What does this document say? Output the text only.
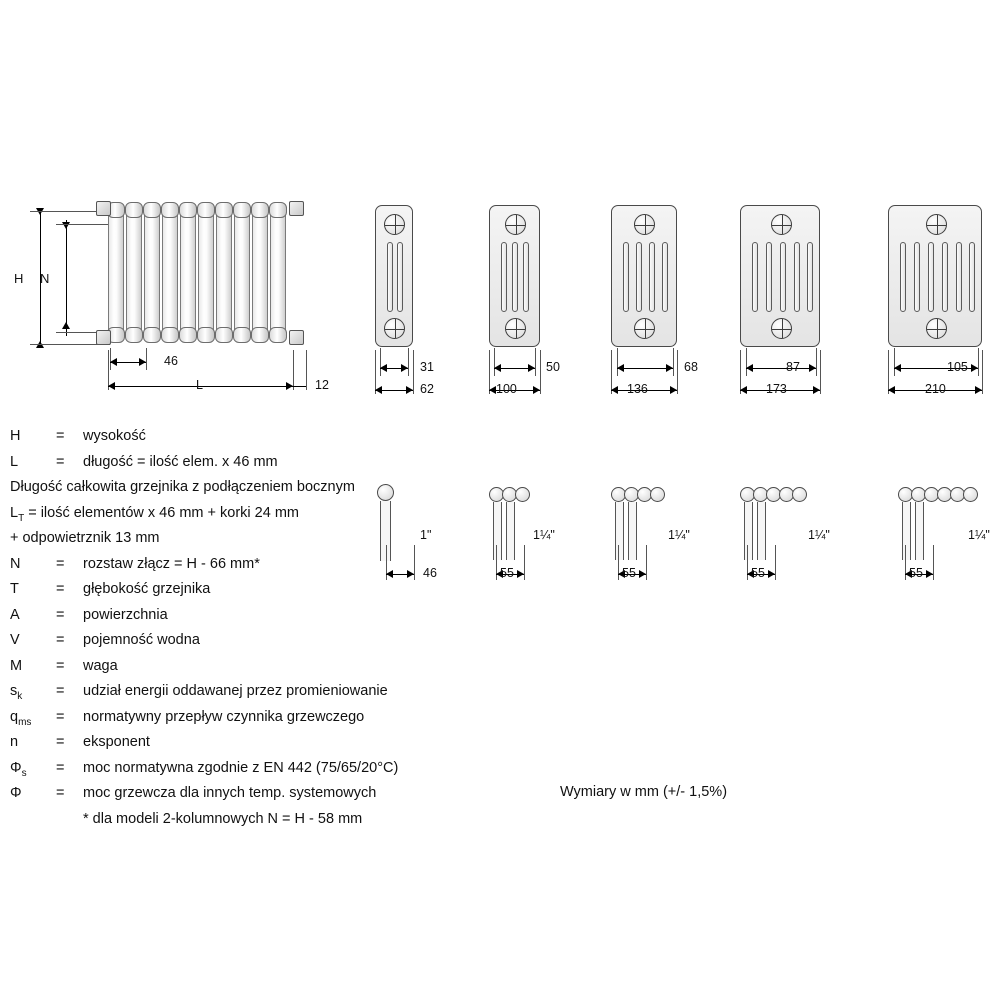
H N
46
L	12
31
62
50
100
68
136
87
173
105
210
1"
46
1¼"
55
1¼"
55
1¼"
55
1¼"
55
H = wysokość
L	= długość = ilość elem. x 46 mm
Długość całkowita grzejnika z podłączeniem bocznym
$L_T$ = ilość elementów x 46 mm + korki 24 mm
+ odpowietrznik 13 mm
N = rozstaw złącz = H - 66 mm*
T	= głębokość grzejnika
A	= powierzchnia
V	= pojemność wodna
M = waga
$s_k$ = udział energii oddawanej przez promieniowanie
$q_{ms}$ = normatywny przepływ czynnika grzewczego
n	= eksponent
$\Phi_s$ = moc normatywna zgodnie z EN 442 (75/65/20°C)
Φ = moc grzewcza dla innych temp. systemowych
* dla modeli 2-kolumnowych N = H - 58 mm
Wymiary w mm (+/- 1,5%)
